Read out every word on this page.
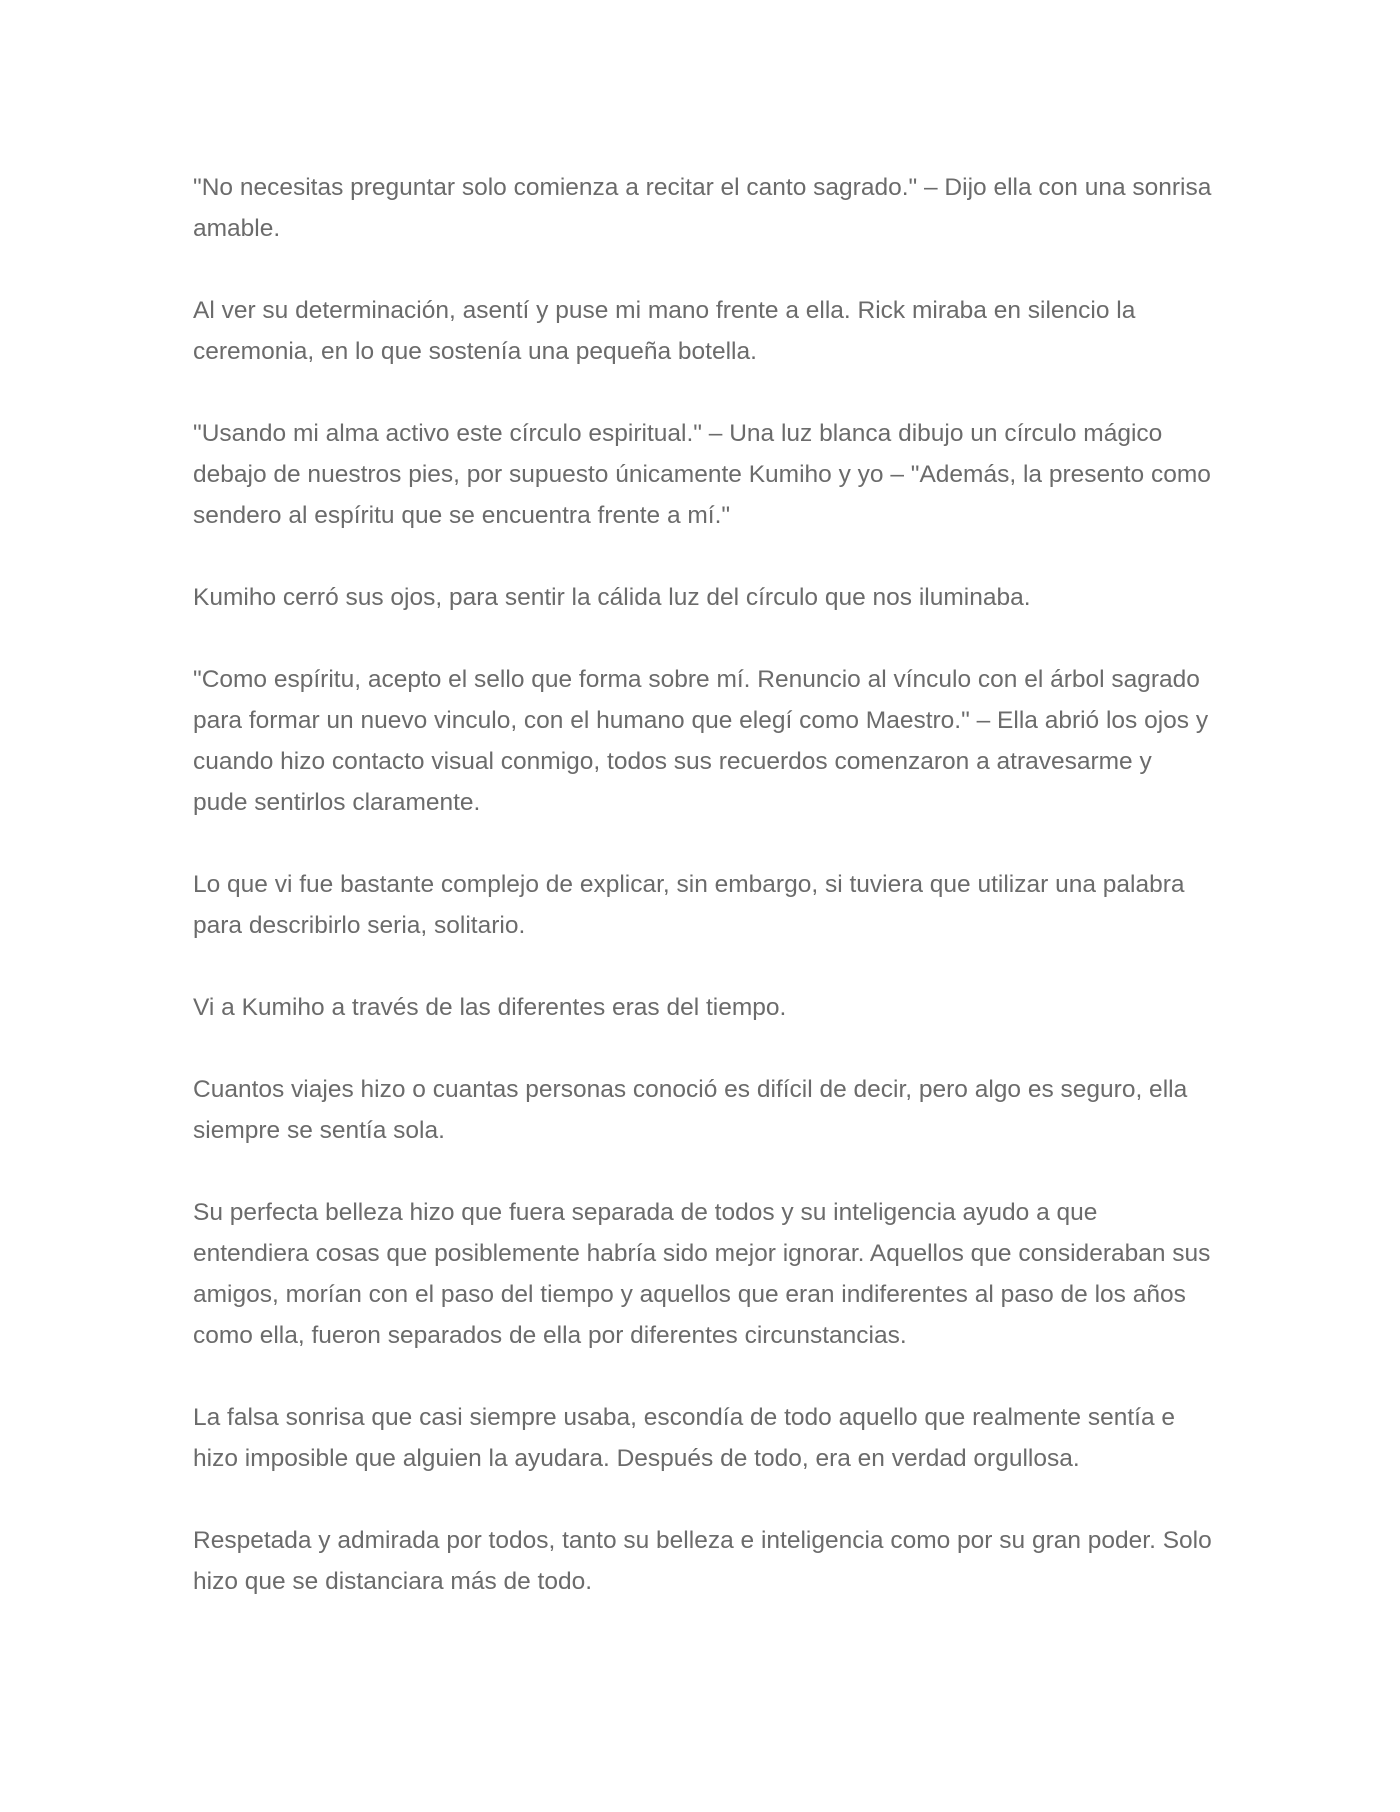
"No necesitas preguntar solo comienza a recitar el canto sagrado." – Dijo ella con una sonrisa amable.

Al ver su determinación, asentí y puse mi mano frente a ella. Rick miraba en silencio la ceremonia, en lo que sostenía una pequeña botella.

"Usando mi alma activo este círculo espiritual." – Una luz blanca dibujo un círculo mágico debajo de nuestros pies, por supuesto únicamente Kumiho y yo – "Además, la presento como sendero al espíritu que se encuentra frente a mí."

Kumiho cerró sus ojos, para sentir la cálida luz del círculo que nos iluminaba.

"Como espíritu, acepto el sello que forma sobre mí. Renuncio al vínculo con el árbol sagrado para formar un nuevo vinculo, con el humano que elegí como Maestro." – Ella abrió los ojos y cuando hizo contacto visual conmigo, todos sus recuerdos comenzaron a atravesarme y pude sentirlos claramente.

Lo que vi fue bastante complejo de explicar, sin embargo, si tuviera que utilizar una palabra para describirlo seria, solitario.

Vi a Kumiho a través de las diferentes eras del tiempo.

Cuantos viajes hizo o cuantas personas conoció es difícil de decir, pero algo es seguro, ella siempre se sentía sola.

Su perfecta belleza hizo que fuera separada de todos y su inteligencia ayudo a que entendiera cosas que posiblemente habría sido mejor ignorar. Aquellos que consideraban sus amigos, morían con el paso del tiempo y aquellos que eran indiferentes al paso de los años como ella, fueron separados de ella por diferentes circunstancias.

La falsa sonrisa que casi siempre usaba, escondía de todo aquello que realmente sentía e hizo imposible que alguien la ayudara. Después de todo, era en verdad orgullosa.

Respetada y admirada por todos, tanto su belleza e inteligencia como por su gran poder. Solo hizo que se distanciara más de todo.
